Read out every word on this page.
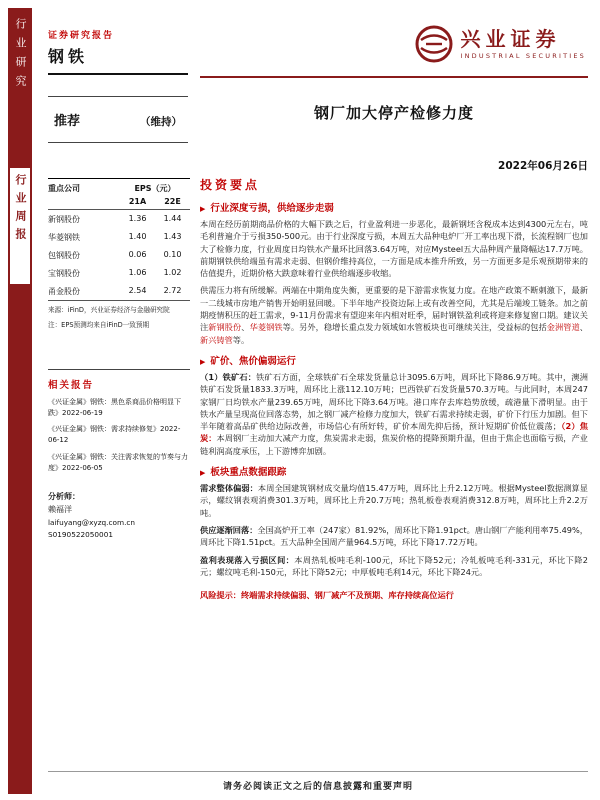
行业研究
行业周报
证券研究报告
钢铁
兴业证券
INDUSTRIAL SECURITIES
推荐	（维持）	钢厂加大停产检修力度
2022年06月26日
重点公司	EPS（元）
21A	22E
新钢股份	1.36	1.44
华菱钢铁	1.40	1.43
包钢股份	0.06	0.10
宝钢股份	1.06	1.02
甬金股份	2.54	2.72
来源：iFinD，兴业证券经济与金融研究院
注：EPS预测均来自iFinD一致预期
相关报告
《兴证金属》钢铁：黑色系商品价格明显下跌》2022-06-19
《兴证金属》钢铁：需求持续修复》2022-06-12
《兴证金属》钢铁：关注需求恢复的节奏与力度》2022-06-05
分析师：
赖福洋
laifuyang@xyzq.com.cn
S0190522050001
投资要点
▶ 行业深度亏损，供给逐步走弱
本周在经历前期商品价格的大幅下跌之后，行业盈利进一步恶化，最新钢坯含税成本达到4300元左右，吨毛利普遍介于亏损350-500元。由于行业深度亏损，本周五大品种电炉厂开工率出现下滑，长流程钢厂也加大了检修力度，行业周度日均铁水产量环比回落3.64万吨，对应Mysteel五大品种周产量降幅达17.7万吨。前期钢铁供给端虽有需求走弱、但钢价维持高位，一方面是成本推升所致，另一方面更多是乐观预期带来的估值提升，近期价格大跌意味着行业供给端逐步收缩。
供需压力将有所缓解。两端在中期角度失衡，更重要的是下游需求恢复力度。在地产政策不断刺激下，最新一二线城市房地产销售开始明显回暖。下半年地产投资边际上或有改善空间，尤其是后端竣工链条。加之前期疫情积压的赶工需求，9-11月份需求有望迎来年内相对旺季，届时钢铁盈利或将迎来修复窗口期。建议关注新钢股份、华菱钢铁等。另外，稳增长重点发力领域如水管板块也可继续关注，受益标的包括金洲管道、新兴铸管等。
▶ 矿价、焦价偏弱运行
（1）铁矿石：铁矿石方面，全球铁矿石全球发货量总计3095.6万吨，周环比下降86.9万吨。其中，澳洲铁矿石发货量1833.3万吨，周环比上涨112.10万吨；巴西铁矿石发货量570.3万吨。与此同时，本周247家钢厂日均铁水产量239.65万吨，周环比下降3.64万吨。港口库存去库趋势放缓，疏港量下滑明显。由于铁水产量呈现高位回落态势，加之钢厂减产检修力度加大，铁矿石需求持续走弱，矿价下行压力加剧。但下半年随着高品矿供给边际改善，市场信心有所好转，矿价本周先抑后扬，预计短期矿价低位震荡；（2）焦炭：本周钢厂主动加大减产力度，焦炭需求走弱，焦炭价格的提降预期升温，但由于焦企也面临亏损，产业链利润高度承压，上下游博弈加剧。
▶ 板块重点数据跟踪
需求整体偏弱：本周全国建筑钢材成交量均值15.47万吨，周环比上升2.12万吨。根据Mysteel数据测算显示，螺纹钢表观消费301.3万吨，周环比上升20.7万吨；热轧板卷表观消费312.8万吨，周环比上升2.2万吨。
供应逐渐回落：全国高炉开工率（247家）81.92%，周环比下降1.91pct。唐山钢厂产能利用率75.49%，周环比下降1.51pct。五大品种全国周产量964.5万吨，环比下降17.72万吨。
盈利表现落入亏损区间：本周热轧板吨毛利-100元，环比下降52元；冷轧板吨毛利-331元，环比下降2元；螺纹吨毛利-150元，环比下降52元；中厚板吨毛利14元，环比下降24元。
风险提示：终端需求持续偏弱、钢厂减产不及预期、库存持续高位运行
请务必阅读正文之后的信息披露和重要声明
